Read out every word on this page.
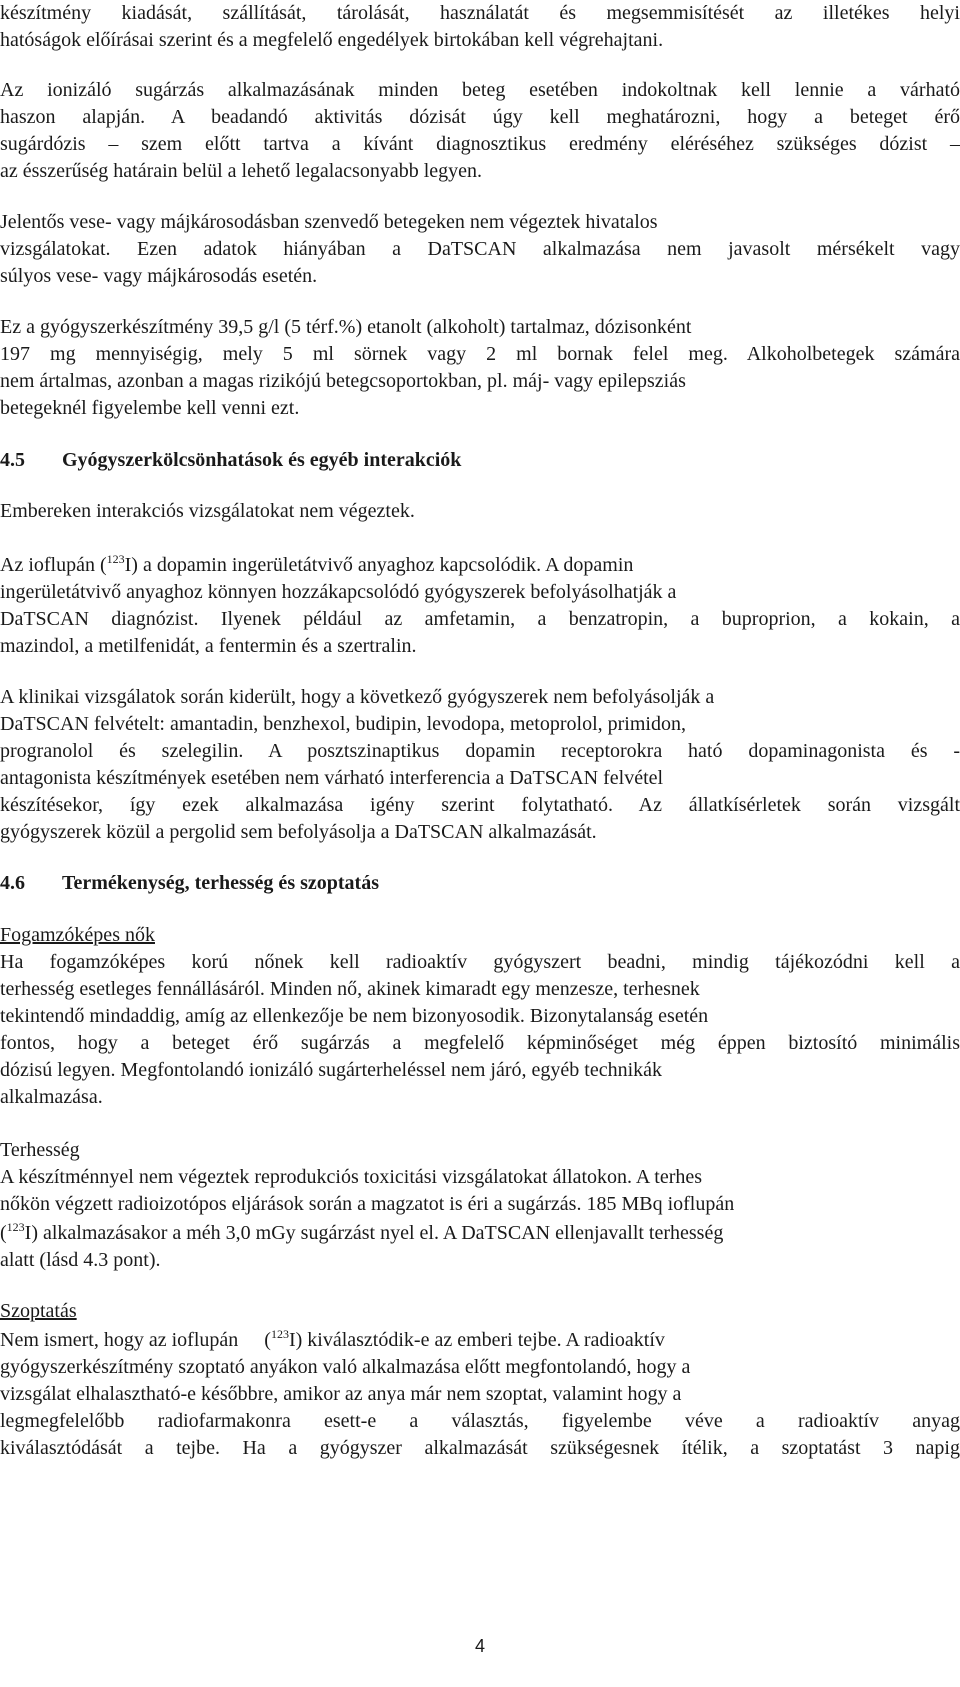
készítmény kiadását, szállítását, tárolását, használatát és megsemmisítését az illetékes helyi
hatóságok előírásai szerint és a megfelelő engedélyek birtokában kell végrehajtani.
Az ionizáló sugárzás alkalmazásának minden beteg esetében indokoltnak kell lennie a várható
haszon alapján. A beadandó aktivitás dózisát úgy kell meghatározni, hogy a beteget érő
sugárdózis – szem előtt tartva a kívánt diagnosztikus eredmény eléréséhez szükséges dózist –
az ésszerűség határain belül a lehető legalacsonyabb legyen.
Jelentős vese- vagy májkárosodásban szenvedő betegeken nem végeztek hivatalos
vizsgálatokat. Ezen adatok hiányában a DaTSCAN alkalmazása nem javasolt mérsékelt vagy
súlyos vese- vagy májkárosodás esetén.
Ez a gyógyszerkészítmény 39,5 g/l (5 térf.%) etanolt (alkoholt) tartalmaz, dózisonként
197 mg mennyiségig, mely 5 ml sörnek vagy 2 ml bornak felel meg. Alkoholbetegek számára
nem ártalmas, azonban a magas rizikójú betegcsoportokban, pl. máj- vagy epilepsziás
betegeknél figyelembe kell venni ezt.
4.5 Gyógyszerkölcsönhatások és egyéb interakciók
Embereken interakciós vizsgálatokat nem végeztek.
Az ioflupán ($^{123}$I) a dopamin ingerületátvivő anyaghoz kapcsolódik. A dopamin
ingerületátvivő anyaghoz könnyen hozzákapcsolódó gyógyszerek befolyásolhatják a
DaTSCAN diagnózist. Ilyenek például az amfetamin, a benzatropin, a buproprion, a kokain, a
mazindol, a metilfenidát, a fentermin és a szertralin.
A klinikai vizsgálatok során kiderült, hogy a következő gyógyszerek nem befolyásolják a
DaTSCAN felvételt: amantadin, benzhexol, budipin, levodopa, metoprolol, primidon,
progranolol és szelegilin. A posztszinaptikus dopamin receptorokra ható dopaminagonista és -
antagonista készítmények esetében nem várható interferencia a DaTSCAN felvétel
készítésekor, így ezek alkalmazása igény szerint folytatható. Az állatkísérletek során vizsgált
gyógyszerek közül a pergolid sem befolyásolja a DaTSCAN alkalmazását.
4.6 Termékenység, terhesség és szoptatás
Fogamzóképes nők
Ha fogamzóképes korú nőnek kell radioaktív gyógyszert beadni, mindig tájékozódni kell a
terhesség esetleges fennállásáról. Minden nő, akinek kimaradt egy menzesze, terhesnek
tekintendő mindaddig, amíg az ellenkezője be nem bizonyosodik. Bizonytalanság esetén
fontos, hogy a beteget érő sugárzás a megfelelő képminőséget még éppen biztosító minimális
dózisú legyen. Megfontolandó ionizáló sugárterheléssel nem járó, egyéb technikák
alkalmazása.
Terhesség
A készítménnyel nem végeztek reprodukciós toxicitási vizsgálatokat állatokon. A terhes
nőkön végzett radioizotópos eljárások során a magzatot is éri a sugárzás. 185 MBq ioflupán
($^{123}$I) alkalmazásakor a méh 3,0 mGy sugárzást nyel el. A DaTSCAN ellenjavallt terhesség
alatt (lásd 4.3 pont).
Szoptatás
Nem ismert, hogy az ioflupán ($^{123}$I) kiválasztódik-e az emberi tejbe. A radioaktív
gyógyszerkészítmény szoptató anyákon való alkalmazása előtt megfontolandó, hogy a
vizsgálat elhalasztható-e későbbre, amikor az anya már nem szoptat, valamint hogy a
legmegfelelőbb radiofarmakonra esett-e a választás, figyelembe véve a radioaktív anyag
kiválasztódását a tejbe. Ha a gyógyszer alkalmazását szükségesnek ítélik, a szoptatást 3 napig
4
